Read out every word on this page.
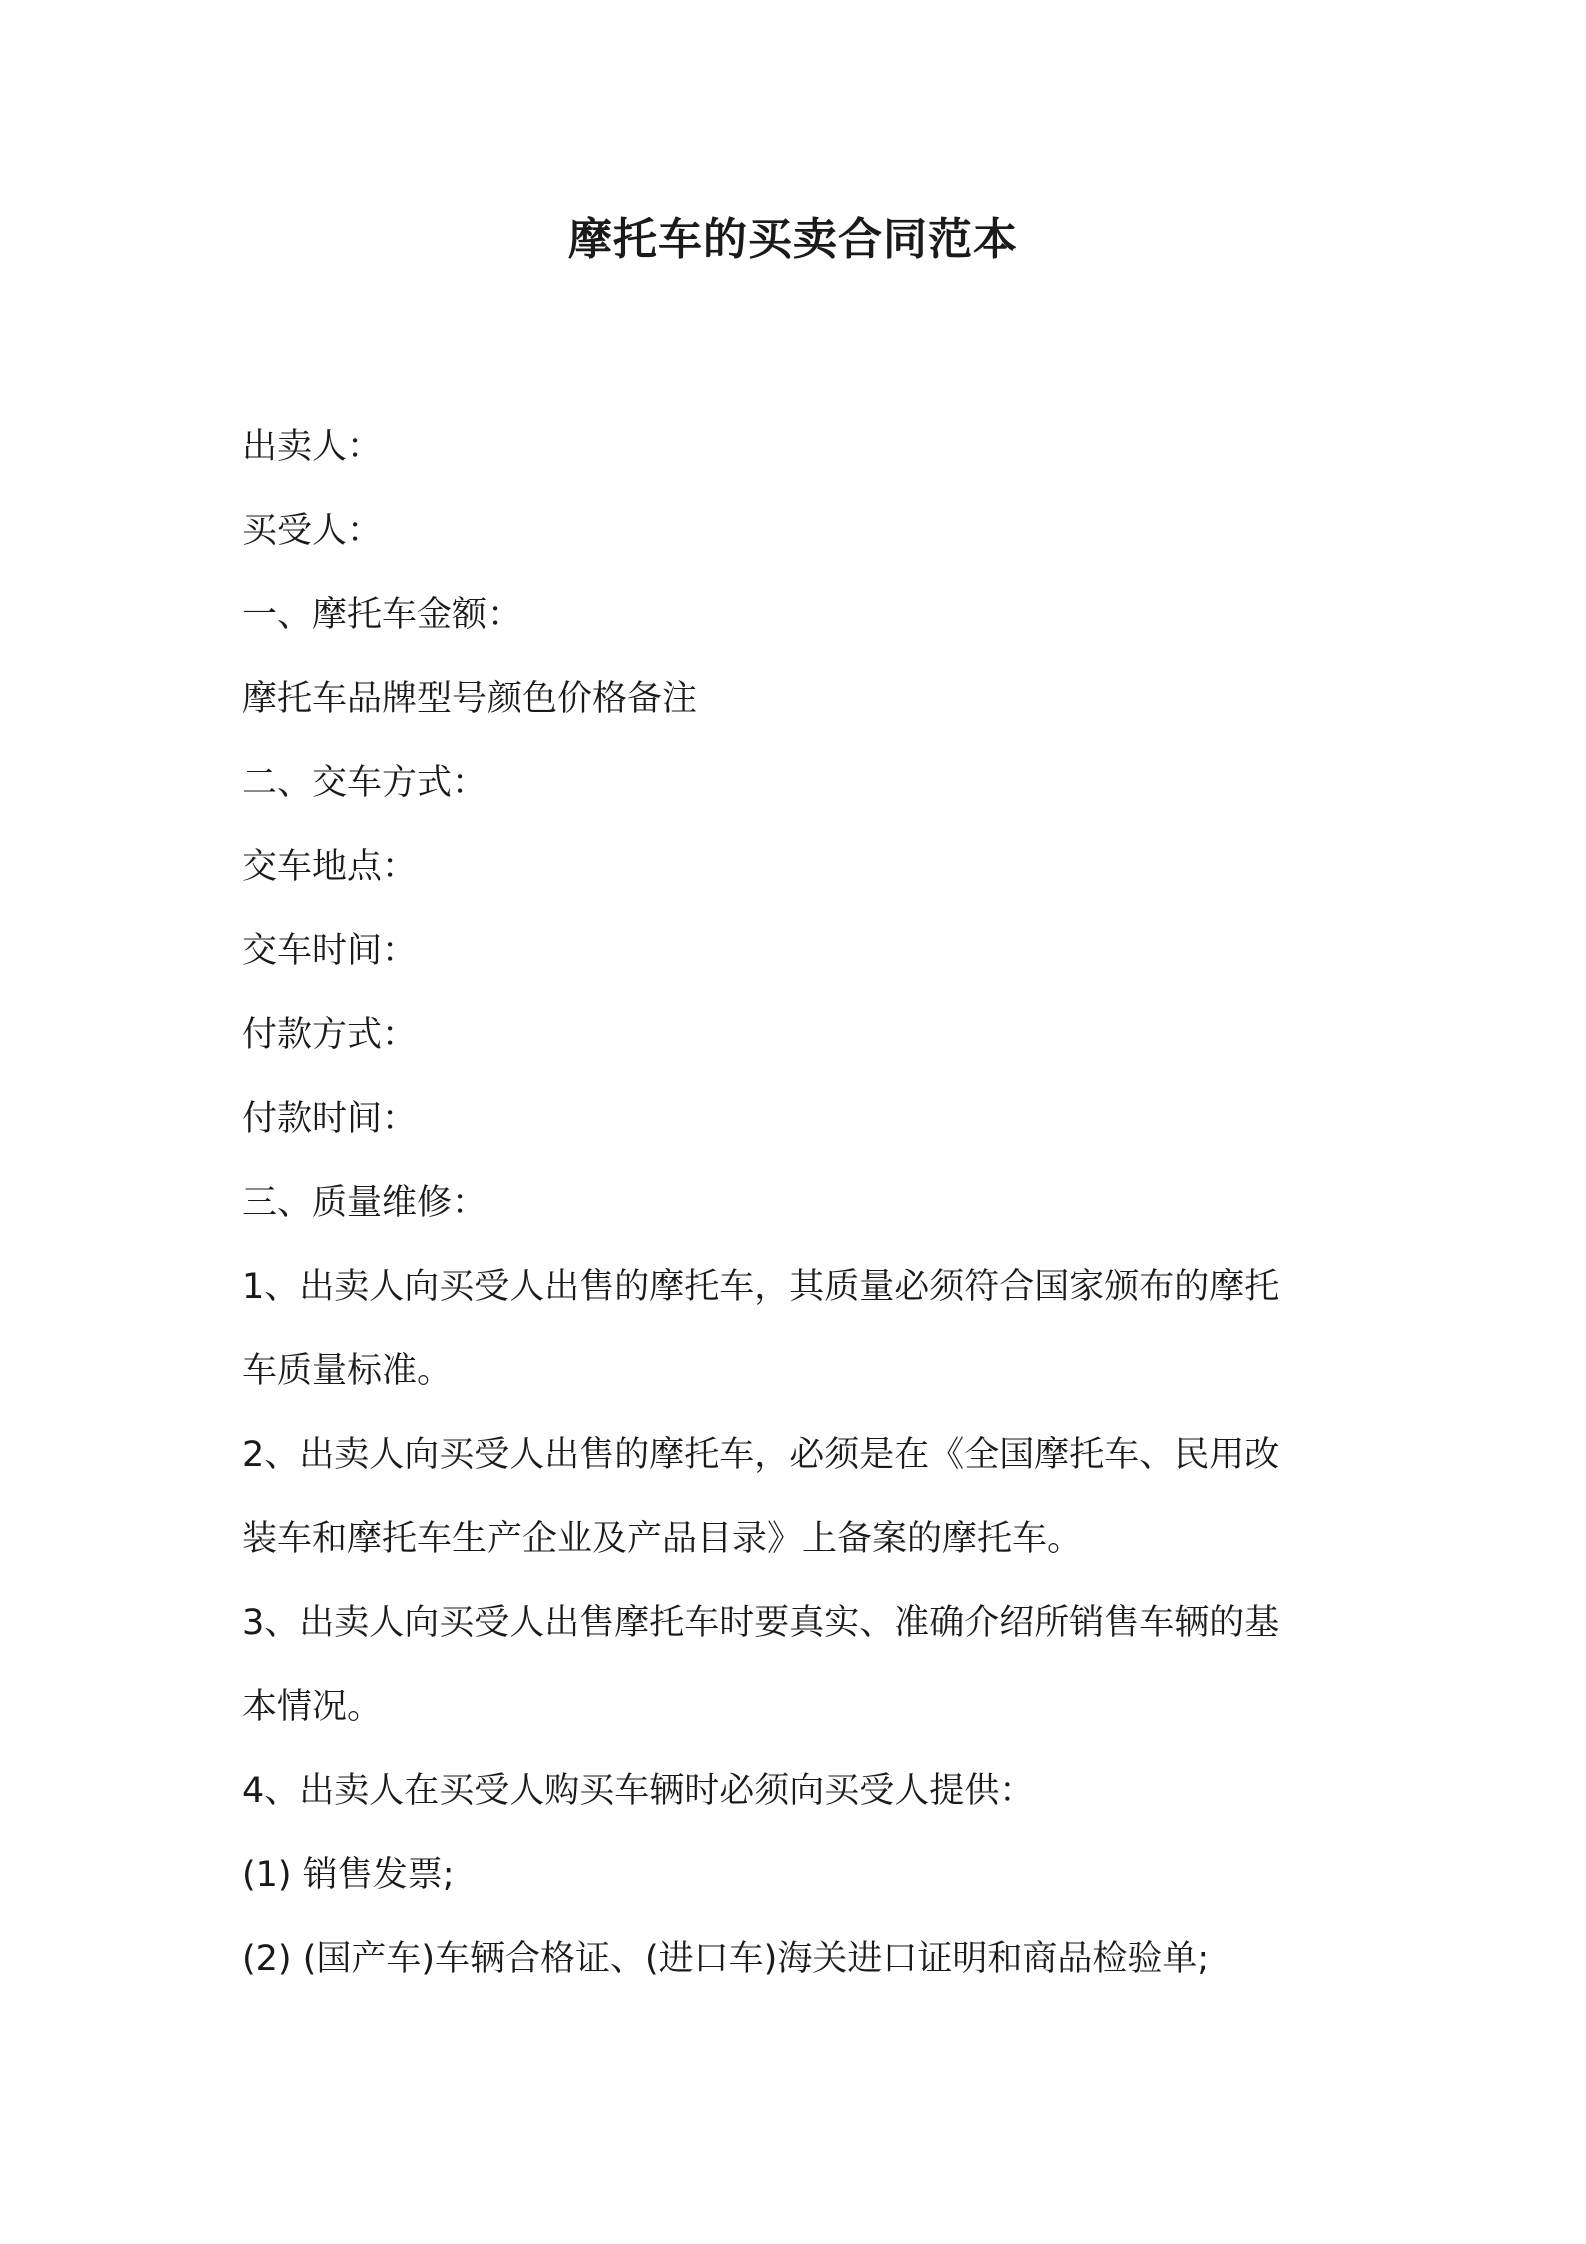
摩托车的买卖合同范本
出卖人：
买受人：
一、摩托车金额：
摩托车品牌型号颜色价格备注
二、交车方式：
交车地点：
交车时间：
付款方式：
付款时间：
三、质量维修：
1、出卖人向买受人出售的摩托车，其质量必须符合国家颁布的摩托
车质量标准。
2、出卖人向买受人出售的摩托车，必须是在《全国摩托车、民用改
装车和摩托车生产企业及产品目录》上备案的摩托车。
3、出卖人向买受人出售摩托车时要真实、准确介绍所销售车辆的基
本情况。
4、出卖人在买受人购买车辆时必须向买受人提供：
(1) 销售发票;
(2) (国产车)车辆合格证、(进口车)海关进口证明和商品检验单;
